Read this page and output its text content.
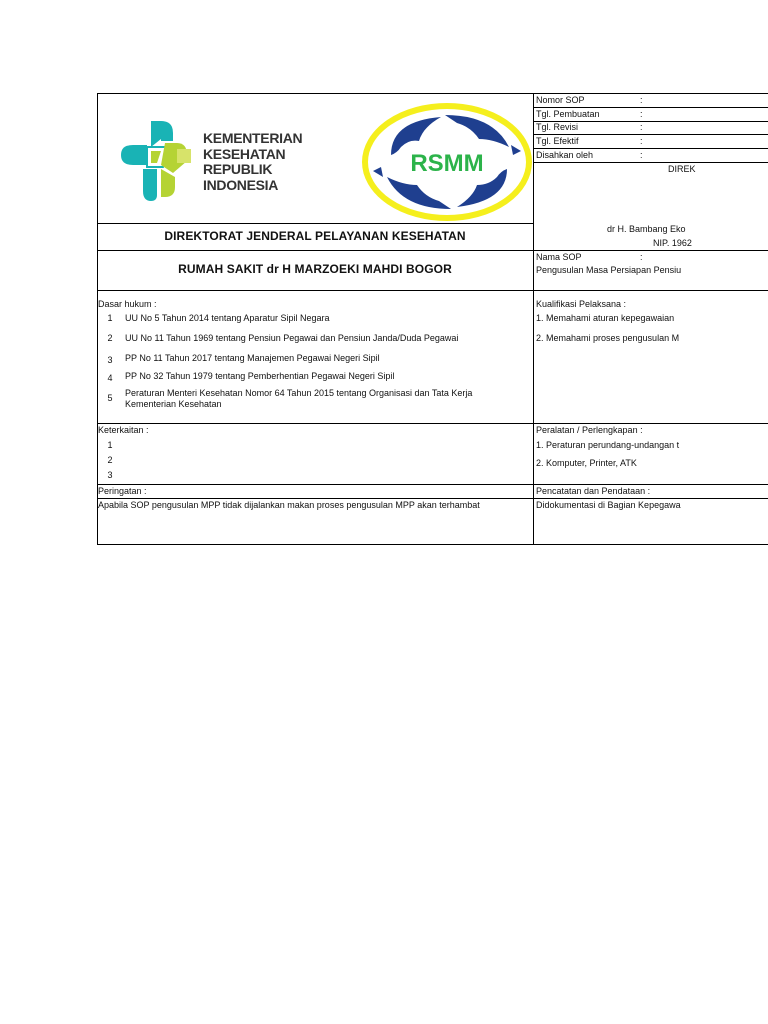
KEMENTERIAN
KESEHATAN
REPUBLIK
INDONESIA
RSMM
DIREKTORAT JENDERAL PELAYANAN KESEHATAN
RUMAH SAKIT dr H MARZOEKI MAHDI BOGOR
Nomor SOP	:
Tgl. Pembuatan	:
Tgl. Revisi	:
Tgl. Efektif	:
Disahkan oleh	:
DIREK
dr H. Bambang Eko
NIP. 1962
Nama SOP	:
Pengusulan Masa Persiapan Pensiu
Dasar hukum :
1	UU No 5 Tahun 2014 tentang Aparatur Sipil Negara
2	UU No 11 Tahun 1969 tentang Pensiun Pegawai dan Pensiun Janda/Duda Pegawai
3	PP No 11 Tahun 2017 tentang Manajemen Pegawai Negeri Sipil
4	PP No 32 Tahun 1979 tentang Pemberhentian Pegawai Negeri Sipil
5	Peraturan Menteri Kesehatan Nomor 64 Tahun 2015 tentang Organisasi dan Tata Kerja
Kementerian Kesehatan
Kualifikasi Pelaksana :
1. Memahami aturan kepegawaian
2. Memahami proses pengusulan M
Keterkaitan :
1
2
3
Peralatan / Perlengkapan :
1. Peraturan perundang-undangan t
2. Komputer, Printer, ATK
Peringatan :
Apabila SOP pengusulan MPP tidak dijalankan makan proses pengusulan MPP akan terhambat
Pencatatan dan Pendataan :
Didokumentasi di Bagian Kepegawa
